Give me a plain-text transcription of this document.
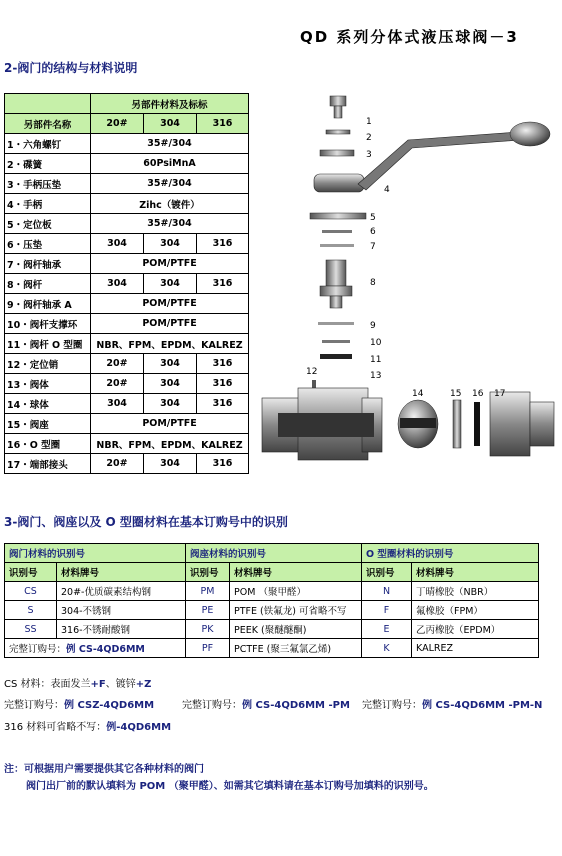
QD 系列分体式液压球阀－3
2-阀门的结构与材料说明
	另部件材料及标标		
另部件名称	20#	304	316
1・六角螺钉	35#/304		
2・碟簧	60PsiMnA		
3・手柄压垫	35#/304		
4・手柄	Zihc（镀件）		
5・定位板	35#/304		
6・压垫	304	304	316
7・阀杆轴承	POM/PTFE		
8・阀杆	304	304	316
9・阀杆轴承 A	POM/PTFE		
10・阀杆支撑环	POM/PTFE		
11・阀杆 O 型圈	NBR、FPM、EPDM、KALREZ		
12・定位销	20#	304	316
13・阀体	20#	304	316
14・球体	304	304	316
15・阀座	POM/PTFE		
16・O 型圈	NBR、FPM、EPDM、KALREZ		
17・端部接头	20#	304	316
1
2
3
4
5
6
7
8
9
10
11
12	13
14	15 16 17
3-阀门、阀座以及 O 型圈材料在基本订购号中的识别
阀门材料的识别号		阀座材料的识别号		O 型圈材料的识别号	
识别号	材料牌号	识别号	材料牌号	识别号	材料牌号
CS	20#-优质碳素结构钢	PM	POM （聚甲醛）	N	丁晴橡胶（NBR）
S	304-不锈钢	PE	PTFE (铁氟龙) 可省略不写	F	氟橡胶（FPM）
SS	316-不锈耐酸钢	PK	PEEK (聚醚醚酮)	E	乙丙橡胶（EPDM）
完整订购号：例 CS-4QD6MM		PF	PCTFE (聚三氟氯乙烯)	K	KALREZ
CS 材料：表面发兰+F、镀锌+Z
完整订购号：例 CSZ-4QD6MM	完整订购号：例 CS-4QD6MM -PM 完整订购号：例 CS-4QD6MM -PM-N
316 材料可省略不写：例-4QD6MM
注：可根据用户需要提供其它各种材料的阀门
阀门出厂前的默认填料为 POM （聚甲醛）、如需其它填料请在基本订购号加填料的识别号。
